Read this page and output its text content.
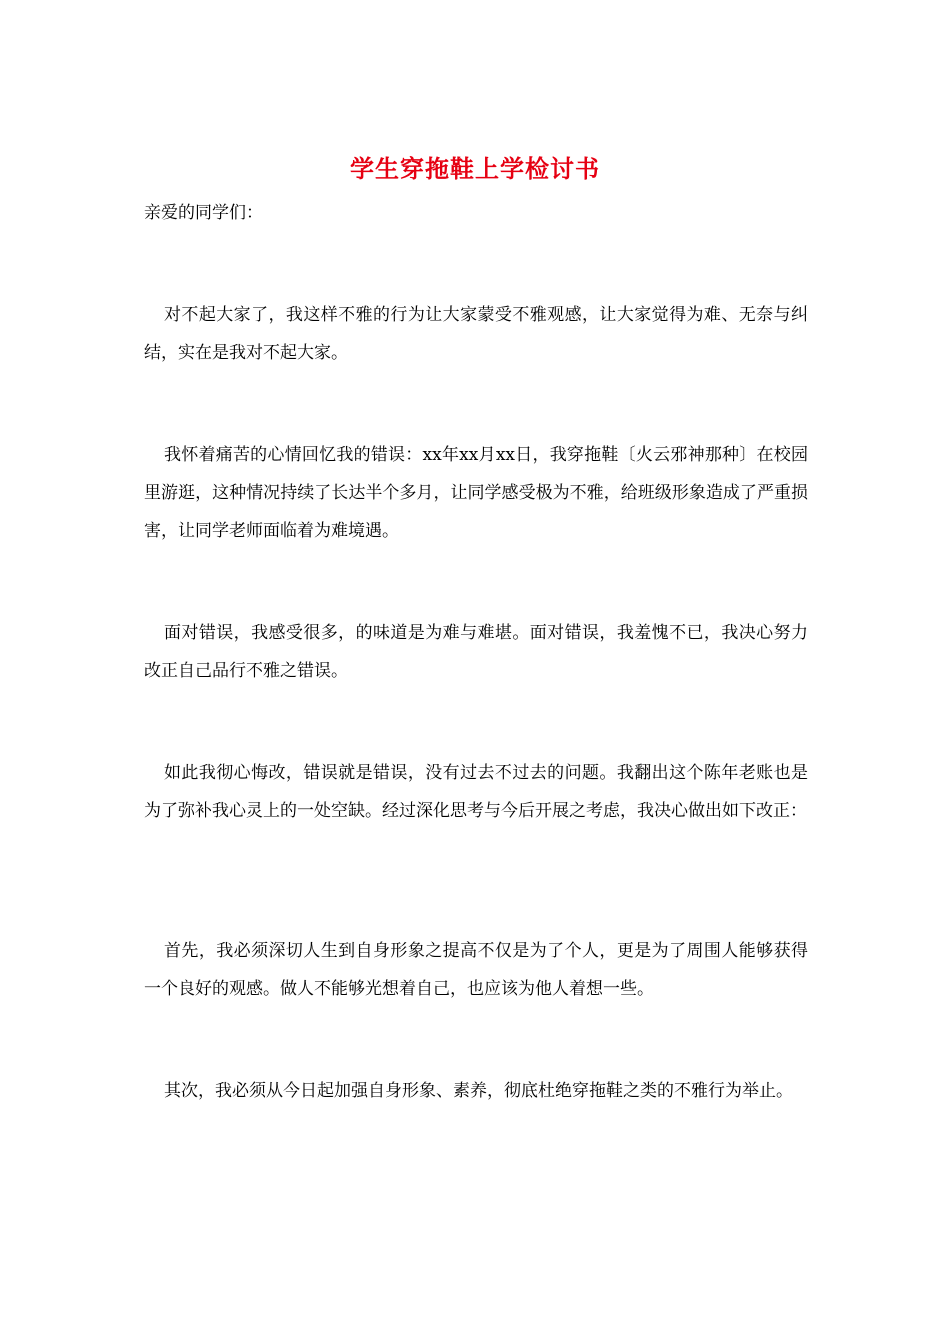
学生穿拖鞋上学检讨书
亲爱的同学们：

对不起大家了，我这样不雅的行为让大家蒙受不雅观感，让大家觉得为难、无奈与纠结，实在是我对不起大家。

我怀着痛苦的心情回忆我的错误：xx年xx月xx日，我穿拖鞋〔火云邪神那种〕在校园里游逛，这种情况持续了长达半个多月，让同学感受极为不雅，给班级形象造成了严重损害，让同学老师面临着为难境遇。

面对错误，我感受很多，的味道是为难与难堪。面对错误，我羞愧不已，我决心努力改正自己品行不雅之错误。

如此我彻心悔改，错误就是错误，没有过去不过去的问题。我翻出这个陈年老账也是为了弥补我心灵上的一处空缺。经过深化思考与今后开展之考虑，我决心做出如下改正：

首先，我必须深切人生到自身形象之提高不仅是为了个人，更是为了周围人能够获得一个良好的观感。做人不能够光想着自己，也应该为他人着想一些。

其次，我必须从今日起加强自身形象、素养，彻底杜绝穿拖鞋之类的不雅行为举止。
